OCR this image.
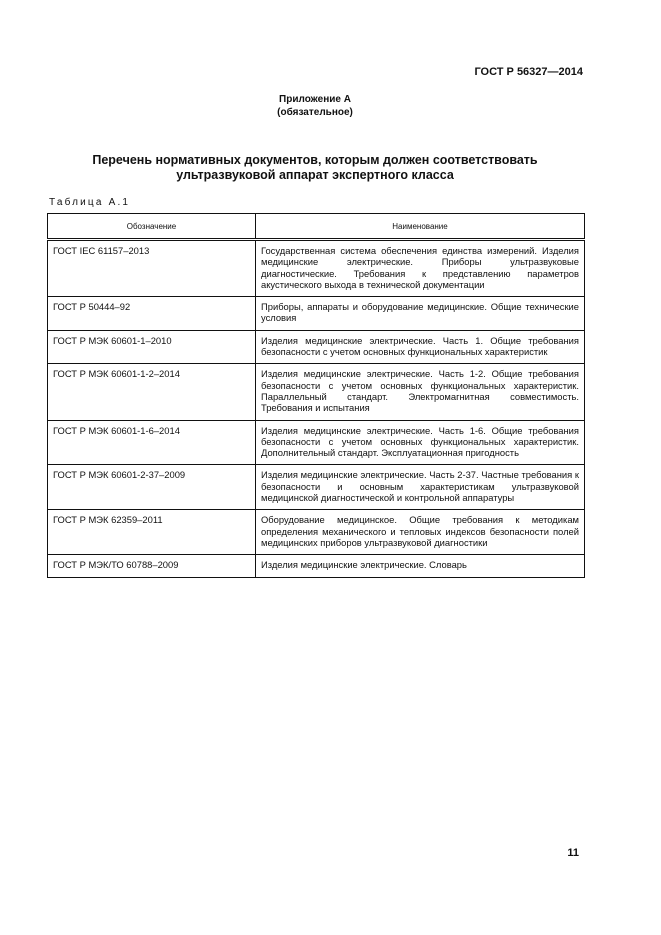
ГОСТ Р 56327—2014
Приложение А
(обязательное)
Перечень нормативных документов, которым должен соответствовать
ультразвуковой аппарат экспертного класса
Таблица А.1
Обозначение	Наименование
ГОСТ IEC 61157–2013	Государственная система обеспечения единства измерений. Изделия медицинские электрические. Приборы ультразвуковые диагностические. Требования к представлению параметров акустического выхода в технической документации
ГОСТ Р 50444–92	Приборы, аппараты и оборудование медицинские. Общие технические условия
ГОСТ Р МЭК 60601-1–2010	Изделия медицинские электрические. Часть 1. Общие требования безопасности с учетом основных функциональных характеристик
ГОСТ Р МЭК 60601-1-2–2014	Изделия медицинские электрические. Часть 1-2. Общие требования безопасности с учетом основных функциональных характеристик. Параллельный стандарт. Электромагнитная совместимость. Требования и испытания
ГОСТ Р МЭК 60601-1-6–2014	Изделия медицинские электрические. Часть 1-6. Общие требования безопасности с учетом основных функциональных характеристик. Дополнительный стандарт. Эксплуатационная пригодность
ГОСТ Р МЭК 60601-2-37–2009	Изделия медицинские электрические. Часть 2-37. Частные требования к безопасности и основным характеристикам ультразвуковой медицинской диагностической и контрольной аппаратуры
ГОСТ Р МЭК 62359–2011	Оборудование медицинское. Общие требования к методикам определения механического и тепловых индексов безопасности полей медицинских приборов ультразвуковой диагностики
ГОСТ Р МЭК/ТО 60788–2009	Изделия медицинские электрические. Словарь
11
